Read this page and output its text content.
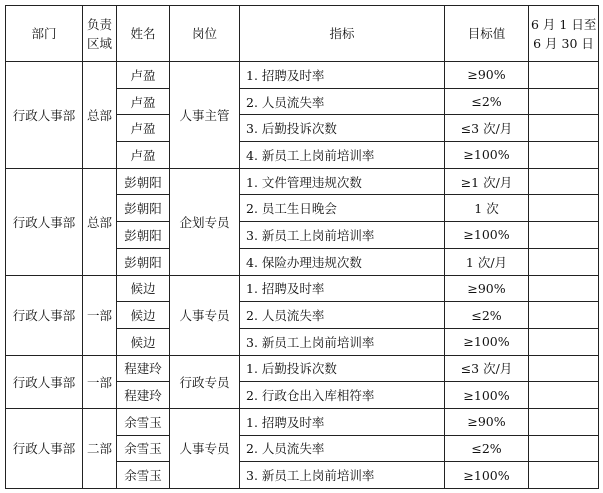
部门	负责区域	姓名	岗位	指标	目标值	6 月 1 日至
6 月 30 日

行政人事部	总部	卢盈	人事主管	1. 招聘及时率	≥90%	
		卢盈		2. 人员流失率	≤2%	
		卢盈		3. 后勤投诉次数	≤3 次/月	
		卢盈		4. 新员工上岗前培训率	≥100%	
行政人事部	总部	彭朝阳	企划专员	1. 文件管理违规次数	≥1 次/月	
		彭朝阳		2. 员工生日晚会	1 次	
		彭朝阳		3. 新员工上岗前培训率	≥100%	
		彭朝阳		4. 保险办理违规次数	1 次/月	
行政人事部	一部	候边	人事专员	1. 招聘及时率	≥90%	
		候边		2. 人员流失率	≤2%	
		候边		3. 新员工上岗前培训率	≥100%	
行政人事部	一部	程建玲	行政专员	1. 后勤投诉次数	≤3 次/月	
		程建玲		2. 行政仓出入库相符率	≥100%	
行政人事部	二部	余雪玉	人事专员	1. 招聘及时率	≥90%	
		余雪玉		2. 人员流失率	≤2%	
		余雪玉		3. 新员工上岗前培训率	≥100%	
